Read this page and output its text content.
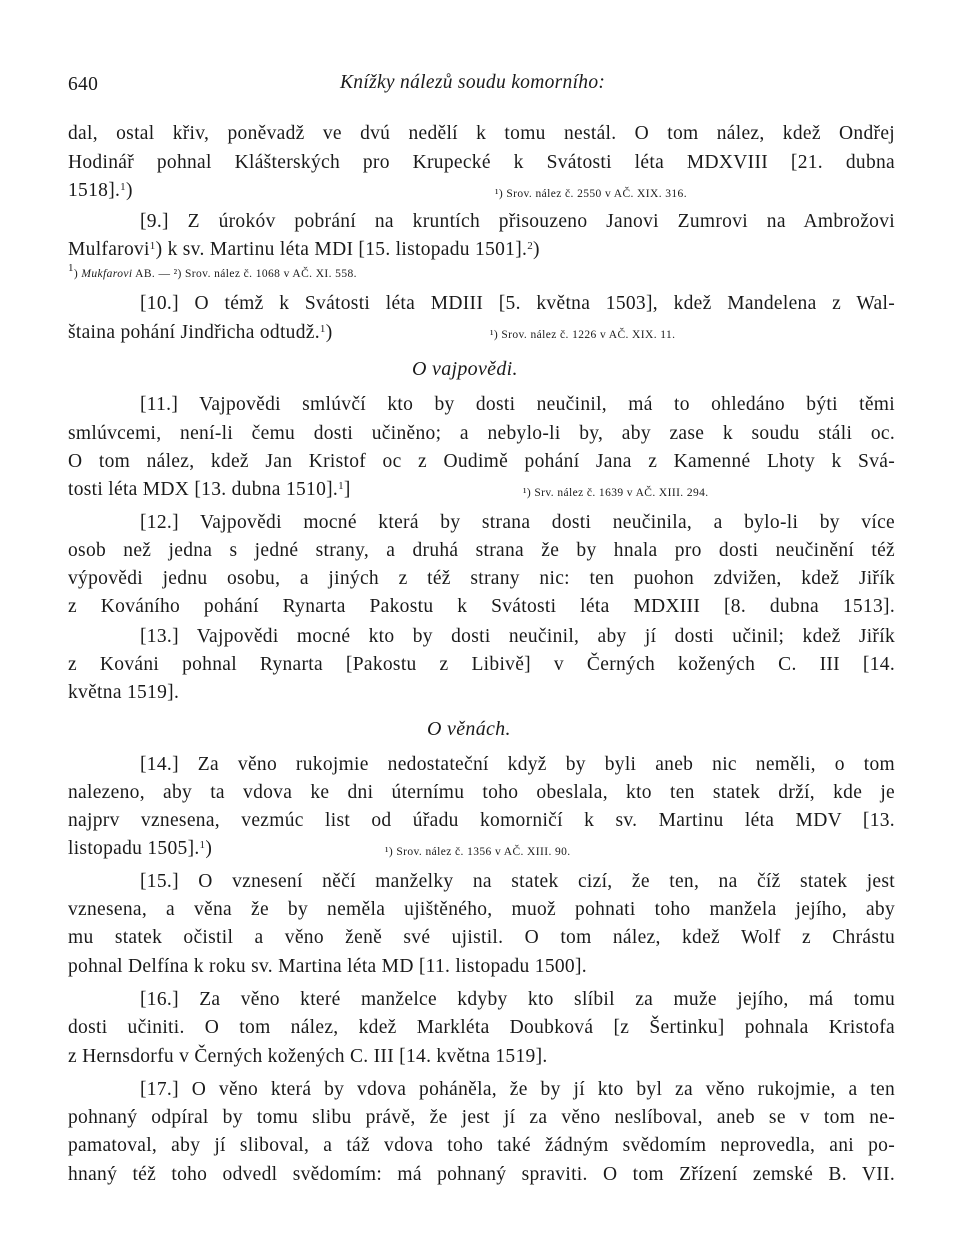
640	Knížky nálezů soudu komorního:
dal, ostal křiv, poněvadž ve dvú nedělí k tomu nestál. O tom nález, kdež Ondřej
Hodinář pohnal Klášterských pro Krupecké k Svátosti léta MDXVIII [21. dubna
1518].$^1$)	¹) Srov. nález č. 2550 v AČ. XIX. 316.
[9.] Z úrokóv pobrání na kruntích přisouzeno Janovi Zumrovi na Ambrožovi
Mulfarovi$^1$) k sv. Martinu léta MDI [15. listopadu 1501].$^2$)
$^1$) Mukfarovi AB. — ²) Srov. nález č. 1068 v AČ. XI. 558.
[10.] O témž k Svátosti léta MDIII [5. května 1503], kdež Mandelena z Wal-
štaina pohání Jindřicha odtudž.$^1$)	¹) Srov. nález č. 1226 v AČ. XIX. 11.
O vajpovědi.
[11.] Vajpovědi smlúvčí kto by dosti neučinil, má to ohledáno býti těmi
smlúvcemi, není-li čemu dosti učiněno; a nebylo-li by, aby zase k soudu stáli oc.
O tom nález, kdež Jan Kristof oc z Oudimě pohání Jana z Kamenné Lhoty k Svá-
tosti léta MDX [13. dubna 1510].$^1$]	¹) Srv. nález č. 1639 v AČ. XIII. 294.
[12.] Vajpovědi mocné která by strana dosti neučinila, a bylo-li by více
osob než jedna s jedné strany, a druhá strana že by hnala pro dosti neučinění též
výpovědi jednu osobu, a jiných z též strany nic: ten puohon zdvižen, kdež Jiřík
z Kováního pohání Rynarta Pakostu k Svátosti léta MDXIII [8. dubna 1513].
[13.] Vajpovědi mocné kto by dosti neučinil, aby jí dosti učinil; kdež Jiřík
z Kováni pohnal Rynarta [Pakostu z Libivě] v Černých kožených C. III [14.
května 1519].
O věnách.
[14.] Za věno rukojmie nedostateční když by byli aneb nic neměli, o tom
nalezeno, aby ta vdova ke dni úternímu toho obeslala, kto ten statek drží, kde je
najprv vznesena, vezmúc list od úřadu komorničí k sv. Martinu léta MDV [13.
listopadu 1505].$^1$)	¹) Srov. nález č. 1356 v AČ. XIII. 90.
[15.] O vznesení něčí manželky na statek cizí, že ten, na číž statek jest
vznesena, a věna že by neměla ujištěného, muož pohnati toho manžela jejího, aby
mu statek očistil a věno ženě své ujistil. O tom nález, kdež Wolf z Chrástu
pohnal Delfína k roku sv. Martina léta MD [11. listopadu 1500].
[16.] Za věno které manželce kdyby kto slíbil za muže jejího, má tomu
dosti učiniti. O tom nález, kdež Markléta Doubková [z Šertinku] pohnala Kristofa
z Hernsdorfu v Černých kožených C. III [14. května 1519].
[17.] O věno která by vdova poháněla, že by jí kto byl za věno rukojmie, a ten
pohnaný odpíral by tomu slibu právě, že jest jí za věno neslíboval, aneb se v tom ne-
pamatoval, aby jí sliboval, a táž vdova toho také žádným svědomím neprovedla, ani po-
hnaný též toho odvedl svědomím: má pohnaný spraviti. O tom Zřízení zemské B. VII.
